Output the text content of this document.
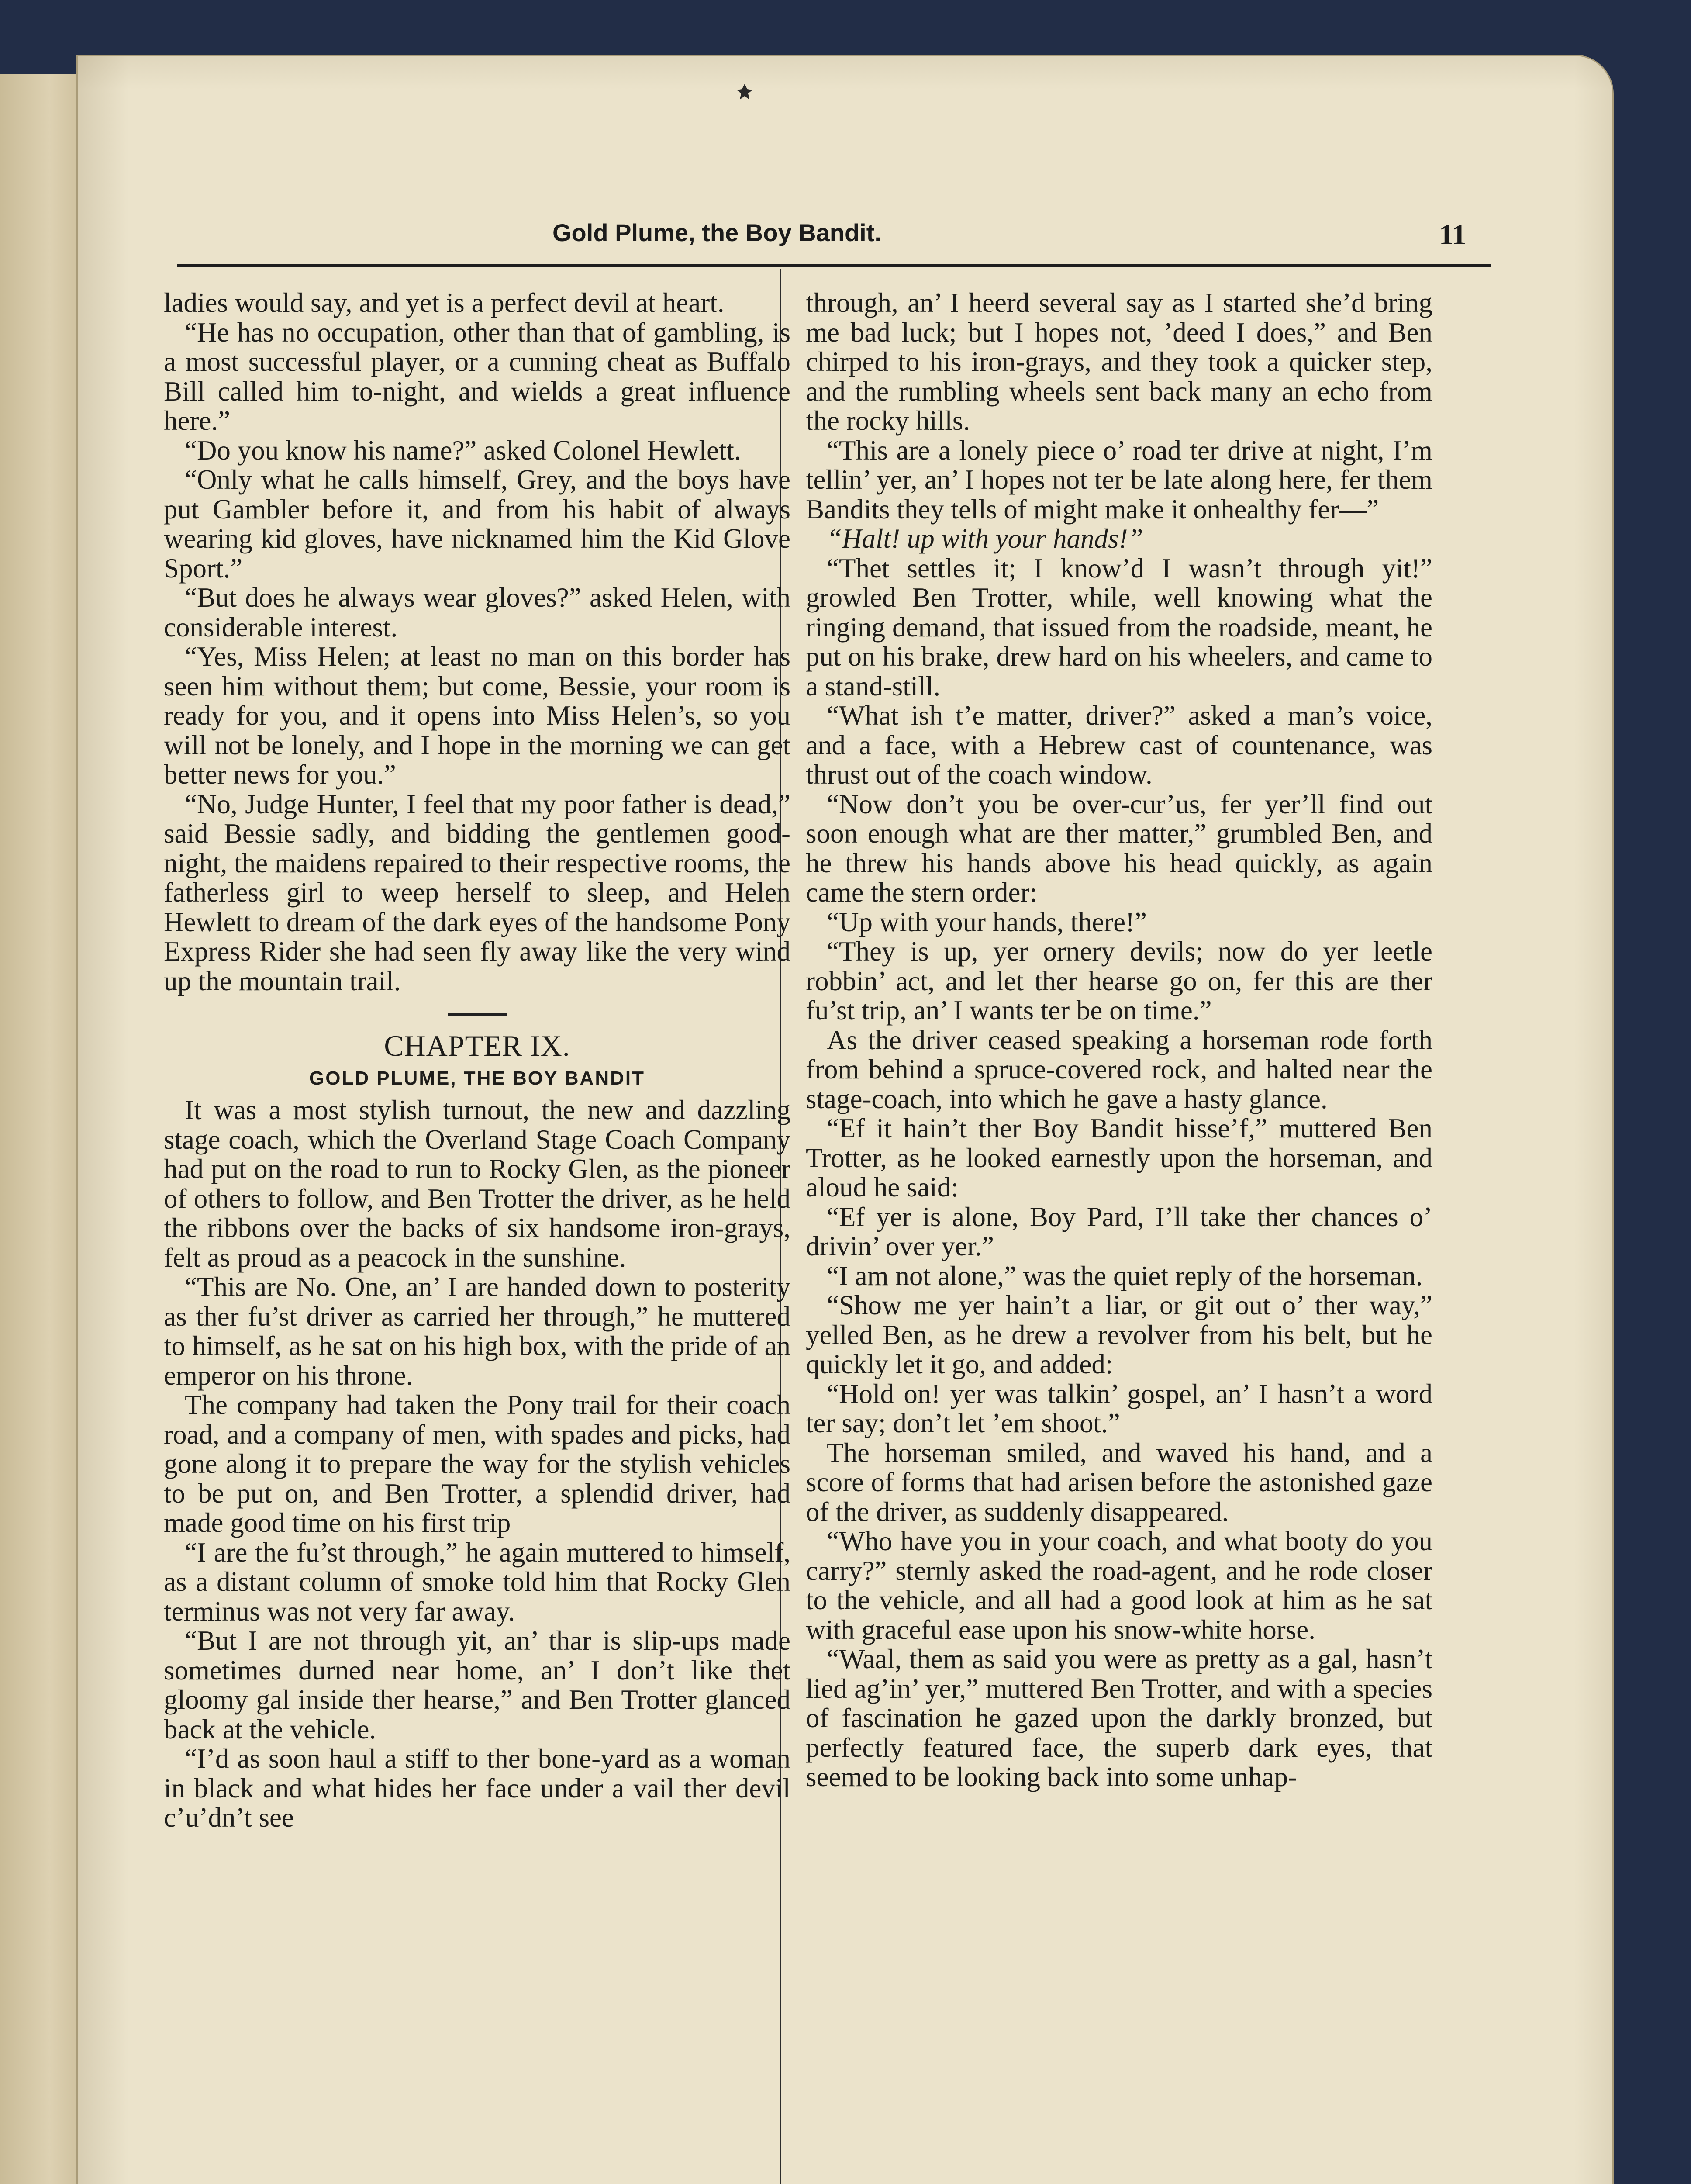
Gold Plume, the Boy Bandit.	11

ladies would say, and yet is a perfect devil at heart.

“He has no occupation, other than that of gambling, is a most successful player, or a cunning cheat as Buffalo Bill called him to-night, and wields a great influence here.”

“Do you know his name?” asked Colonel Hewlett.

“Only what he calls himself, Grey, and the boys have put Gambler before it, and from his habit of always wearing kid gloves, have nicknamed him the Kid Glove Sport.”

“But does he always wear gloves?” asked Helen, with considerable interest.

“Yes, Miss Helen; at least no man on this border has seen him without them; but come, Bessie, your room is ready for you, and it opens into Miss Helen’s, so you will not be lonely, and I hope in the morning we can get better news for you.”

“No, Judge Hunter, I feel that my poor father is dead,” said Bessie sadly, and bidding the gentlemen good-night, the maidens repaired to their respective rooms, the fatherless girl to weep herself to sleep, and Helen Hewlett to dream of the dark eyes of the handsome Pony Express Rider she had seen fly away like the very wind up the mountain trail.

CHAPTER IX.
GOLD PLUME, THE BOY BANDIT

It was a most stylish turnout, the new and dazzling stage coach, which the Overland Stage Coach Company had put on the road to run to Rocky Glen, as the pioneer of others to follow, and Ben Trotter the driver, as he held the ribbons over the backs of six handsome iron-grays, felt as proud as a peacock in the sunshine.

“This are No. One, an’ I are handed down to posterity as ther fu’st driver as carried her through,” he muttered to himself, as he sat on his high box, with the pride of an emperor on his throne.

The company had taken the Pony trail for their coach road, and a company of men, with spades and picks, had gone along it to prepare the way for the stylish vehicles to be put on, and Ben Trotter, a splendid driver, had made good time on his first trip

“I are the fu’st through,” he again muttered to himself, as a distant column of smoke told him that Rocky Glen terminus was not very far away.

“But I are not through yit, an’ thar is slip-ups made sometimes durned near home, an’ I don’t like thet gloomy gal inside ther hearse,” and Ben Trotter glanced back at the vehicle.

“I’d as soon haul a stiff to ther bone-yard as a woman in black and what hides her face under a vail ther devil c’u’dn’t see

through, an’ I heerd several say as I started she’d bring me bad luck; but I hopes not, ’deed I does,” and Ben chirped to his iron-grays, and they took a quicker step, and the rumbling wheels sent back many an echo from the rocky hills.

“This are a lonely piece o’ road ter drive at night, I’m tellin’ yer, an’ I hopes not ter be late along here, fer them Bandits they tells of might make it onhealthy fer—”

“Halt! up with your hands!”

“Thet settles it; I know’d I wasn’t through yit!” growled Ben Trotter, while, well knowing what the ringing demand, that issued from the roadside, meant, he put on his brake, drew hard on his wheelers, and came to a stand-still.

“What ish t’e matter, driver?” asked a man’s voice, and a face, with a Hebrew cast of countenance, was thrust out of the coach window.

“Now don’t you be over-cur’us, fer yer’ll find out soon enough what are ther matter,” grumbled Ben, and he threw his hands above his head quickly, as again came the stern order:

“Up with your hands, there!”

“They is up, yer ornery devils; now do yer leetle robbin’ act, and let ther hearse go on, fer this are ther fu’st trip, an’ I wants ter be on time.”

As the driver ceased speaking a horseman rode forth from behind a spruce-covered rock, and halted near the stage-coach, into which he gave a hasty glance.

“Ef it hain’t ther Boy Bandit hisse’f,” muttered Ben Trotter, as he looked earnestly upon the horseman, and aloud he said:

“Ef yer is alone, Boy Pard, I’ll take ther chances o’ drivin’ over yer.”

“I am not alone,” was the quiet reply of the horseman.

“Show me yer hain’t a liar, or git out o’ ther way,” yelled Ben, as he drew a revolver from his belt, but he quickly let it go, and added:

“Hold on! yer was talkin’ gospel, an’ I hasn’t a word ter say; don’t let ’em shoot.”

The horseman smiled, and waved his hand, and a score of forms that had arisen before the astonished gaze of the driver, as suddenly disappeared.

“Who have you in your coach, and what booty do you carry?” sternly asked the road-agent, and he rode closer to the vehicle, and all had a good look at him as he sat with graceful ease upon his snow-white horse.

“Waal, them as said you were as pretty as a gal, hasn’t lied ag’in’ yer,” muttered Ben Trotter, and with a species of fascination he gazed upon the darkly bronzed, but perfectly featured face, the superb dark eyes, that seemed to be looking back into some unhap-
